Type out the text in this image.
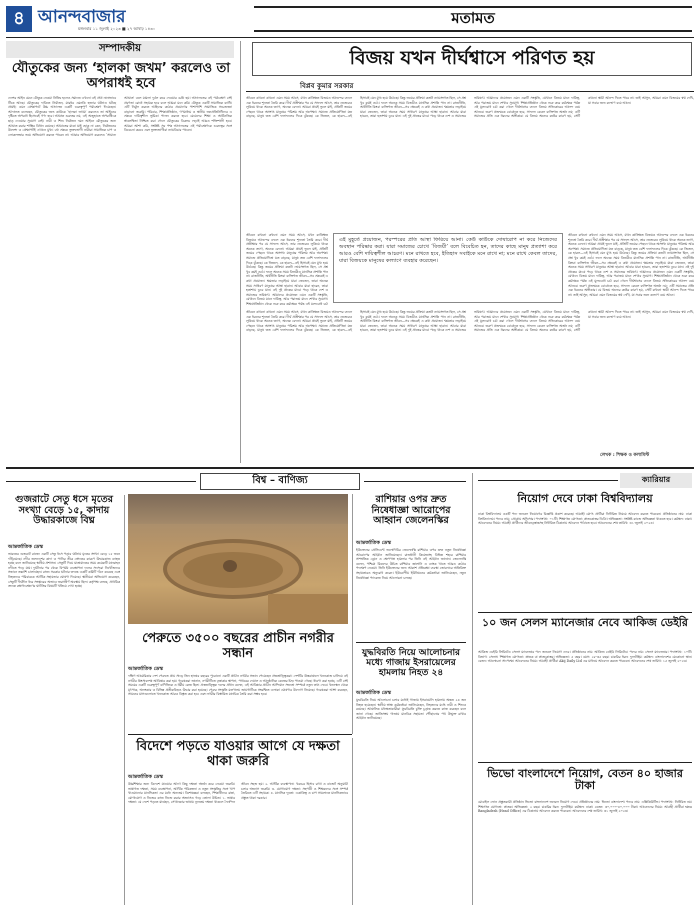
৪ আনন্দবাজার
মঙ্গলবার ১১ জুলাই ২০২৩ ■ ২৭ আষাঢ় ১৪৩০
মতামত
সম্পাদকীয়
যৌতুকের জন্য ‘হালকা জখম’ করলেও তা অপরাধই হবে
দেশের আইন মেনে যৌতুক নেওয়া নিষিদ্ধ হলেও সমাজে এখনো এই প্রথা নানাভাবে টিকে আছে। যৌতুকের দাবিতে নির্যাতন, মারধর এমনকি হত্যার ঘটনাও ঘটছে প্রায়ই। এমন প্রেক্ষাপটে উচ্চ আদালত একটি গুরুত্বপূর্ণ পর্যবেক্ষণ দিয়েছেন। আদালত বলেছেন, যৌতুকের জন্য কাউকে ‘হালকা জখম’ করলেও তা আইনের দৃষ্টিতে অপরাধ হিসেবেই গণ্য হবে। আঘাত গুরুতর নয়, এই অজুহাতে অপরাধীকে ছাড় দেওয়ার সুযোগ নেই। নারী ও শিশু নির্যাতন দমন আইনে যৌতুকের জন্য আঘাত করার শাস্তির বিধান রয়েছে। আঘাতের মাত্রা যাই হোক না কেন, নির্যাতনের উদ্দেশ্য ও প্রেক্ষাপটই এখানে মুখ্য। বহু ক্ষেত্রে ভুক্তভোগী নারীরা সামাজিক চাপ ও লোকলজ্জার ভয়ে অভিযোগ করতে পারেন না। আবার অভিযোগ করলেও ‘সামান্য আঘাত’ বলে মামলা দুর্বল করে দেওয়ার চেষ্টা হয়। আদালতের এই পর্যবেক্ষণ সেই প্রবণতা রোধে সহায়ক হবে বলে আমরা মনে করি। যৌতুক একটি সামাজিক ব্যাধি। এটি নির্মূল করতে আইনের কঠোর প্রয়োগের পাশাপাশি সামাজিক সচেতনতা বাড়ানো জরুরি। পরিবার, শিক্ষাপ্রতিষ্ঠান, গণমাধ্যম ও স্থানীয় জনপ্রতিনিধিদের এ ক্ষেত্রে দায়িত্বশীল ভূমিকা পালন করতে হবে। মেয়েদের শিক্ষা ও অর্থনৈতিক স্বাবলম্বিতা নিশ্চিত করা গেলে যৌতুকের বিরুদ্ধে লড়াই আরও শক্তিশালী হবে। আমরা আশা করি, সংশ্লিষ্ট সব পক্ষ আদালতের এই পর্যবেক্ষণকে গুরুত্বের সঙ্গে বিবেচনা করবে এবং ভুক্তভোগীরা ন্যায়বিচার পাবেন।
বিজয় যখন দীর্ঘশ্বাসে পরিণত হয়
বিপ্লব কুমার সরকার
জীবনে কখনো কখনো এমন সময় আসে, যখন কাঙ্ক্ষিত বিজয়ও আনন্দের বদলে এক ধরনের শূন্যতা তৈরি করে। দীর্ঘ প্রতীক্ষার পর যে সাফল্য আসে, তার ভেতরেও লুকিয়ে থাকে অনেক ত্যাগ, অনেক বেদনা। আমরা প্রায়ই ভুলে যাই, প্রতিটি জয়ের পেছনে থাকে অসংখ্য মানুষের পরিশ্রম আর অপেক্ষা। সমাজে প্রতিযোগিতা যত বাড়ছে, মানুষ তত বেশি ফলাফলের দিকে ঝুঁকছে। কে জিতল, কে হারল—এই হিসাবই যেন মুখ্য হয়ে উঠেছে। কিন্তু জয়ের প্রক্রিয়া কতটা ন্যায়সংগত ছিল, সে প্রশ্ন খুব কমই ওঠে। ফলে অনেক সময় বিজয়ীও মানসিক প্রশান্তি পান না। রাজনীতি, অর্থনীতি কিংবা ব্যক্তিগত জীবন—সব ক্ষেত্রেই এ কথা প্রযোজ্য। ক্ষমতার লড়াইয়ে যারা জেতেন, তারা অনেক সময় সাধারণ মানুষের আস্থা হারান। আবার যারা হারেন, তারা হতাশায় ডুবে যান। এই দুই প্রান্তের মাঝে পড়ে থাকে দেশ ও সমাজের ভবিষ্যৎ। আমাদের প্রয়োজন এমন একটি সংস্কৃতি, যেখানে বিজয় মানে দায়িত্ব, আর পরাজয় মানে শেখার সুযোগ। শিক্ষাপ্রতিষ্ঠান থেকে শুরু করে কর্মক্ষেত্র পর্যন্ত এই মূল্যবোধ চর্চা করা গেলে দীর্ঘশ্বাসের বদলে বিজয় সত্যিকারের আনন্দ বয়ে আনবে। তরুণ প্রজন্মকে বোঝাতে হবে, সাফল্য কেবল ব্যক্তিগত অর্জন নয়; এটি সমাজের প্রতি এক ধরনের অঙ্গীকার। যে বিজয় অন্যের কষ্টের কারণ হয়, সেটি কখনো স্থায়ী আনন্দ দিতে পারে না। তাই আসুন, আমরা এমন বিজয়ের স্বপ্ন দেখি, যা সবার জন্য কল্যাণ বয়ে আনে।
এই মুহূর্তে প্রয়োজন, পরস্পরের প্রতি আস্থা ফিরিয়ে আনা। কেউ কাউকে দোষারোপ না করে নিজেদের অবস্থান পরিষ্কার করা। যারা সমাজের চোখে ‘বিজয়ী’ বলে বিবেচিত হন, তাদের কাছে মানুষ প্রত্যাশা করে আরও বেশি দায়িত্বশীল আচরণ। মনে রাখতে হবে, ইতিহাস সবাইকে মনে রাখে না; মনে রাখে কেবল তাদের, যারা বিজয়কে মানুষের কল্যাণে ব্যবহার করেছেন।
জীবনে কখনো কখনো এমন সময় আসে, যখন কাঙ্ক্ষিত বিজয়ও আনন্দের বদলে এক ধরনের শূন্যতা তৈরি করে। দীর্ঘ প্রতীক্ষার পর যে সাফল্য আসে, তার ভেতরেও লুকিয়ে থাকে অনেক ত্যাগ, অনেক বেদনা। আমরা প্রায়ই ভুলে যাই, প্রতিটি জয়ের পেছনে থাকে অসংখ্য মানুষের পরিশ্রম আর অপেক্ষা। সমাজে প্রতিযোগিতা যত বাড়ছে, মানুষ তত বেশি ফলাফলের দিকে ঝুঁকছে। কে জিতল, কে হারল—এই হিসাবই যেন মুখ্য হয়ে উঠেছে। কিন্তু জয়ের প্রক্রিয়া কতটা ন্যায়সংগত ছিল, সে প্রশ্ন খুব কমই ওঠে। ফলে অনেক সময় বিজয়ীও মানসিক প্রশান্তি পান না। রাজনীতি, অর্থনীতি কিংবা ব্যক্তিগত জীবন—সব ক্ষেত্রেই এ কথা প্রযোজ্য। ক্ষমতার লড়াইয়ে যারা জেতেন, তারা অনেক সময় সাধারণ মানুষের আস্থা হারান। আবার যারা হারেন, তারা হতাশায় ডুবে যান। এই দুই প্রান্তের মাঝে পড়ে থাকে দেশ ও সমাজের ভবিষ্যৎ। আমাদের প্রয়োজন এমন একটি সংস্কৃতি, যেখানে বিজয় মানে দায়িত্ব, আর পরাজয় মানে শেখার সুযোগ। শিক্ষাপ্রতিষ্ঠান থেকে শুরু করে কর্মক্ষেত্র পর্যন্ত এই মূল্যবোধ চর্চা
জীবনে কখনো কখনো এমন সময় আসে, যখন কাঙ্ক্ষিত বিজয়ও আনন্দের বদলে এক ধরনের শূন্যতা তৈরি করে। দীর্ঘ প্রতীক্ষার পর যে সাফল্য আসে, তার ভেতরেও লুকিয়ে থাকে অনেক ত্যাগ, অনেক বেদনা। আমরা প্রায়ই ভুলে যাই, প্রতিটি জয়ের পেছনে থাকে অসংখ্য মানুষের পরিশ্রম আর অপেক্ষা। সমাজে প্রতিযোগিতা যত বাড়ছে, মানুষ তত বেশি ফলাফলের দিকে ঝুঁকছে। কে জিতল, কে হারল—এই হিসাবই যেন মুখ্য হয়ে উঠেছে। কিন্তু জয়ের প্রক্রিয়া কতটা ন্যায়সংগত ছিল, সে প্রশ্ন খুব কমই ওঠে। ফলে অনেক সময় বিজয়ীও মানসিক প্রশান্তি পান না। রাজনীতি, অর্থনীতি কিংবা ব্যক্তিগত জীবন—সব ক্ষেত্রেই এ কথা প্রযোজ্য। ক্ষমতার লড়াইয়ে যারা জেতেন, তারা অনেক সময় সাধারণ মানুষের আস্থা হারান। আবার যারা হারেন, তারা হতাশায় ডুবে যান। এই দুই প্রান্তের মাঝে পড়ে থাকে দেশ ও সমাজের ভবিষ্যৎ। আমাদের প্রয়োজন এমন একটি সংস্কৃতি, যেখানে বিজয় মানে দায়িত্ব, আর পরাজয় মানে শেখার সুযোগ। শিক্ষাপ্রতিষ্ঠান থেকে শুরু করে কর্মক্ষেত্র পর্যন্ত এই মূল্যবোধ চর্চা করা গেলে দীর্ঘশ্বাসের বদলে বিজয় সত্যিকারের আনন্দ বয়ে আনবে। তরুণ প্রজন্মকে বোঝাতে হবে, সাফল্য কেবল ব্যক্তিগত অর্জন নয়; এটি সমাজের প্রতি এক ধরনের অঙ্গীকার। যে বিজয় অন্যের কষ্টের কারণ হয়, সেটি কখনো স্থায়ী আনন্দ দিতে পারে না। তাই আসুন, আমরা এমন বিজয়ের স্বপ্ন দেখি, যা সবার জন্য কল্যাণ বয়ে আনে।
জীবনে কখনো কখনো এমন সময় আসে, যখন কাঙ্ক্ষিত বিজয়ও আনন্দের বদলে এক ধরনের শূন্যতা তৈরি করে। দীর্ঘ প্রতীক্ষার পর যে সাফল্য আসে, তার ভেতরেও লুকিয়ে থাকে অনেক ত্যাগ, অনেক বেদনা। আমরা প্রায়ই ভুলে যাই, প্রতিটি জয়ের পেছনে থাকে অসংখ্য মানুষের পরিশ্রম আর অপেক্ষা। সমাজে প্রতিযোগিতা যত বাড়ছে, মানুষ তত বেশি ফলাফলের দিকে ঝুঁকছে। কে জিতল, কে হারল—এই হিসাবই যেন মুখ্য হয়ে উঠেছে। কিন্তু জয়ের প্রক্রিয়া কতটা ন্যায়সংগত ছিল, সে প্রশ্ন খুব কমই ওঠে। ফলে অনেক সময় বিজয়ীও মানসিক প্রশান্তি পান না। রাজনীতি, অর্থনীতি কিংবা ব্যক্তিগত জীবন—সব ক্ষেত্রেই এ কথা প্রযোজ্য। ক্ষমতার লড়াইয়ে যারা জেতেন, তারা অনেক সময় সাধারণ মানুষের আস্থা হারান। আবার যারা হারেন, তারা হতাশায় ডুবে যান। এই দুই প্রান্তের মাঝে পড়ে থাকে দেশ ও সমাজের ভবিষ্যৎ। আমাদের প্রয়োজন এমন একটি সংস্কৃতি, যেখানে বিজয় মানে দায়িত্ব, আর পরাজয় মানে শেখার সুযোগ। শিক্ষাপ্রতিষ্ঠান থেকে শুরু করে কর্মক্ষেত্র পর্যন্ত এই মূল্যবোধ চর্চা করা গেলে দীর্ঘশ্বাসের বদলে বিজয় সত্যিকারের আনন্দ বয়ে আনবে। তরুণ প্রজন্মকে বোঝাতে হবে, সাফল্য কেবল ব্যক্তিগত অর্জন নয়; এটি সমাজের প্রতি এক ধরনের অঙ্গীকার। যে বিজয় অন্যের কষ্টের কারণ হয়, সেটি কখনো স্থায়ী আনন্দ দিতে পারে না। তাই আসুন, আমরা এমন বিজয়ের স্বপ্ন দেখি, যা সবার জন্য কল্যাণ বয়ে আনে।
লেখক : শিক্ষক ও কলামিস্ট
বিশ্ব – বাণিজ্য
গুজরাটে সেতু ধসে মৃতের সংখ্যা বেড়ে ১৫, কাদায় উদ্ধারকাজে বিঘ্ন
আন্তর্জাতিক ডেস্ক
ভারতের গুজরাট রাজ্যে একটি সেতু ধসে পড়ার ঘটনায় মৃতের সংখ্যা বেড়ে ১৫ জনে দাঁড়িয়েছে। নদীর তলদেশের কাদা ও পানির তীব্র স্রোতের কারণে উদ্ধারকাজ ব্যাহত হচ্ছে বলে জানিয়েছে স্থানীয় প্রশাসন। সেতুটি দিয়ে যাতায়াতের সময় কয়েকটি যানবাহন নদীতে পড়ে যায়। দুর্ঘটনার পর থেকে বিপর্যয় ব্যবস্থাপনা দলের সদস্যরা নিখোঁজদের সন্ধানে তল্লাশি চালাচ্ছেন। রাজ্য সরকার ঘটনার তদন্তে একটি কমিটি গঠন করেছে এবং নিহতদের পরিবারকে আর্থিক সহায়তার ঘোষণা দিয়েছে। স্থানীয়রা অভিযোগ করেছেন, সেতুটি দীর্ঘদিন ধরে সংস্কারের অভাবে জরাজীর্ণ অবস্থায় ছিল। কর্তৃপক্ষ বলছে, প্রাথমিক তদন্তে রক্ষণাবেক্ষণের ঘাটতির বিষয়টি খতিয়ে দেখা হচ্ছে।
পেরুতে ৩৫০০ বছরের প্রাচীন নগরীর সন্ধান
আন্তর্জাতিক ডেস্ক
দক্ষিণ আমেরিকার দেশ পেরুতে প্রায় সাড়ে তিন হাজার বছরের পুরোনো একটি প্রাচীন নগরীর সন্ধান পেয়েছেন প্রত্নতাত্ত্বিকরা। দেশটির উত্তরাঞ্চলে খননকাজ চালিয়ে এই নগরীর ধ্বংসাবশেষ আবিষ্কার করা হয়। গবেষকরা জানান, নগরীটিতে বৃত্তাকার স্থাপনা, পাথরের দেয়াল ও আনুষ্ঠানিক কেন্দ্রের চিহ্ন পাওয়া গেছে। ধারণা করা হচ্ছে, এটি সেই সময়ের একটি গুরুত্বপূর্ণ বাণিজ্যিক ও ধর্মীয় কেন্দ্র ছিল। প্রত্নতাত্ত্বিক দলের প্রধান বলেন, এই আবিষ্কার প্রাচীন আন্দিয়ান সভ্যতা সম্পর্কে নতুন তথ্য দেবে। খননস্থল থেকে মৃৎপাত্র, অলংকার ও বিভিন্ন প্রতীকচিহ্নও উদ্ধার করা হয়েছে। পেরুর সংস্কৃতি মন্ত্রণালয় জায়গাটিকে সংরক্ষিত এলাকা ঘোষণার উদ্যোগ নিয়েছে। গবেষকরা আশা করছেন, সামনের মাসগুলোতে খননকাজ আরও বিস্তৃত করা হবে এবং নগরীর বিস্তারিত মানচিত্র তৈরি করা সম্ভব হবে।
রাশিয়ার ওপর দ্রুত নিষেধাজ্ঞা আরোপের আহ্বান জেলেনস্কির
আন্তর্জাতিক ডেস্ক
ইউক্রেনের প্রেসিডেন্ট ভলোদিমির জেলেনস্কি রাশিয়ার ওপর দ্রুত নতুন নিষেধাজ্ঞা আরোপের আহ্বান জানিয়েছেন। রাজধানী কিয়েভসহ বিভিন্ন শহরে রাশিয়ার সাম্প্রতিক ড্রোন ও ক্ষেপণাস্ত্র হামলার পর তিনি এই আহ্বান জানান। জেলেনস্কি বলেন, পশ্চিমা মিত্রদের উচিত রাশিয়ার জ্বালানি ও ব্যাংক খাতে আরও কঠোর পদক্ষেপ নেওয়া। তিনি ইউক্রেনের জন্য আকাশ প্রতিরক্ষা ব্যবস্থা জোরদারে অতিরিক্ত সহায়তারও অনুরোধ করেন। ইউরোপীয় ইউনিয়নের কর্মকর্তারা জানিয়েছেন, নতুন নিষেধাজ্ঞা প্যাকেজ নিয়ে আলোচনা চলছে।
যুদ্ধবিরতি নিয়ে আলোচনার মধ্যে গাজায় ইসরায়েলের হামলায় নিহত ২৪
আন্তর্জাতিক ডেস্ক
যুদ্ধবিরতি নিয়ে আলোচনা চলার মধ্যেই গাজায় ইসরায়েলি হামলায় অন্তত ২৪ জন নিহত হয়েছেন। স্থানীয় স্বাস্থ্য কর্মকর্তারা জানিয়েছেন, নিহতদের মধ্যে নারী ও শিশুও রয়েছে। আঞ্চলিক মধ্যস্থতাকারীরা যুদ্ধবিরতি চুক্তি চূড়ান্ত করতে কাজ করছেন বলে জানা গেছে। জাতিসংঘ গাজায় মানবিক সহায়তা পৌঁছানোর পথ উন্মুক্ত রাখার আহ্বান জানিয়েছে।
বিদেশে পড়তে যাওয়ার আগে যে দক্ষতা থাকা জরুরি
আন্তর্জাতিক ডেস্ক
উচ্চশিক্ষার জন্য বিদেশে যাওয়ার আগে কিছু দক্ষতা অর্জন করে নেওয়া জরুরি। ভাষাগত দক্ষতা, সময় ব্যবস্থাপনা, আর্থিক পরিকল্পনা ও নতুন সংস্কৃতির সঙ্গে খাপ খাওয়ানোর মানসিকতা এর মধ্যে অন্যতম। বিশেষজ্ঞরা বলছেন, শিক্ষার্থীদের রান্না, যোগাযোগ ও নিজের কাজ নিজে করার অভ্যাসও গড়ে তোলা উচিত। ১. ভাষার দক্ষতা: যে দেশে পড়তে যাচ্ছেন, সেখানকার ভাষায় ন্যূনতম দক্ষতা থাকলে দৈনন্দিন জীবন সহজ হয়। ২. আর্থিক ব্যবস্থাপনা: খরচের হিসাব রাখা ও বাজেট অনুযায়ী চলার অভ্যাস জরুরি। ৩. যোগাযোগ দক্ষতা: সহপাঠী ও শিক্ষকদের সঙ্গে সম্পর্ক তৈরিতে এটি সহায়ক। ৪. মানসিক দৃঢ়তা: একাকিত্ব ও চাপ সামলাতে মানসিকভাবে প্রস্তুত থাকা দরকার।
ক্যারিয়ার
নিয়োগ দেবে ঢাকা বিশ্ববিদ্যালয়
ঢাকা বিশ্ববিদ্যালয় একটি পদে জনবল নিয়োগের বিজ্ঞপ্তি প্রকাশ করেছে। আগ্রহী যোগ্য প্রার্থীরা নির্ধারিত নিয়মে আবেদন করতে পারবেন। প্রতিষ্ঠানের নাম: ঢাকা বিশ্ববিদ্যালয়। পদের নাম: প্রোগ্রাম অফিসার। পদসংখ্যা: ০১টি। শিক্ষাগত যোগ্যতা: স্নাতকোত্তর ডিগ্রি। অভিজ্ঞতা: সংশ্লিষ্ট কাজে অভিজ্ঞতা থাকতে হবে। কর্মস্থল: ঢাকা। আবেদনের নিয়ম: আগ্রহী প্রার্থীদের জীবনবৃত্তান্তসহ নির্ধারিত ঠিকানায় আবেদন পাঠাতে হবে। আবেদনের শেষ তারিখ: ৩১ জুলাই ২০২৩।
১০ জন সেলস ম্যানেজার নেবে আকিজ ডেইরি
আকিজ ডেইরি লিমিটেড সেলস ম্যানেজার পদে জনবল নিয়োগ দেবে। প্রতিষ্ঠানের নাম: আকিজ ডেইরি লিমিটেড। পদের নাম: সেলস ম্যানেজার। পদসংখ্যা: ১০টি। বিভাগ: সেলস। শিক্ষাগত যোগ্যতা: স্নাতক বা স্নাতকোত্তর। অভিজ্ঞতা: ৫ বছর। বয়স: ২৮-৩৫ বছর। চাকরির ধরন: ফুলটাইম। কর্মস্থল: বাংলাদেশের যেকোনো স্থান। বেতন: আলোচনা সাপেক্ষে। আবেদনের নিয়ম: আগ্রহী প্রার্থীরা Akij Daily Ltd এর মাধ্যমে আবেদন করতে পারবেন। আবেদনের শেষ তারিখ: ১৫ জুলাই ২০২৩।
ভিভো বাংলাদেশে নিয়োগ, বেতন ৪০ হাজার টাকা
মোবাইল ফোন প্রস্তুতকারী প্রতিষ্ঠান ভিভো বাংলাদেশে জনবল নিয়োগ দেবে। প্রতিষ্ঠানের নাম: ভিভো বাংলাদেশ। পদের নাম: এক্সিকিউটিভ। পদসংখ্যা: নির্ধারিত নয়। শিক্ষাগত যোগ্যতা: স্নাতক। অভিজ্ঞতা: ২ বছর। চাকরির ধরন: ফুলটাইম। কর্মস্থল: ঢাকা। বেতন: ৩০,০০০-৪০,০০০ টাকা। আবেদনের নিয়ম: আগ্রহী প্রার্থীরা vivo Bangladesh (Head Office) এর ঠিকানায় আবেদন করতে পারবেন। আবেদনের শেষ তারিখ: ৩১ জুলাই ২০২৩।
